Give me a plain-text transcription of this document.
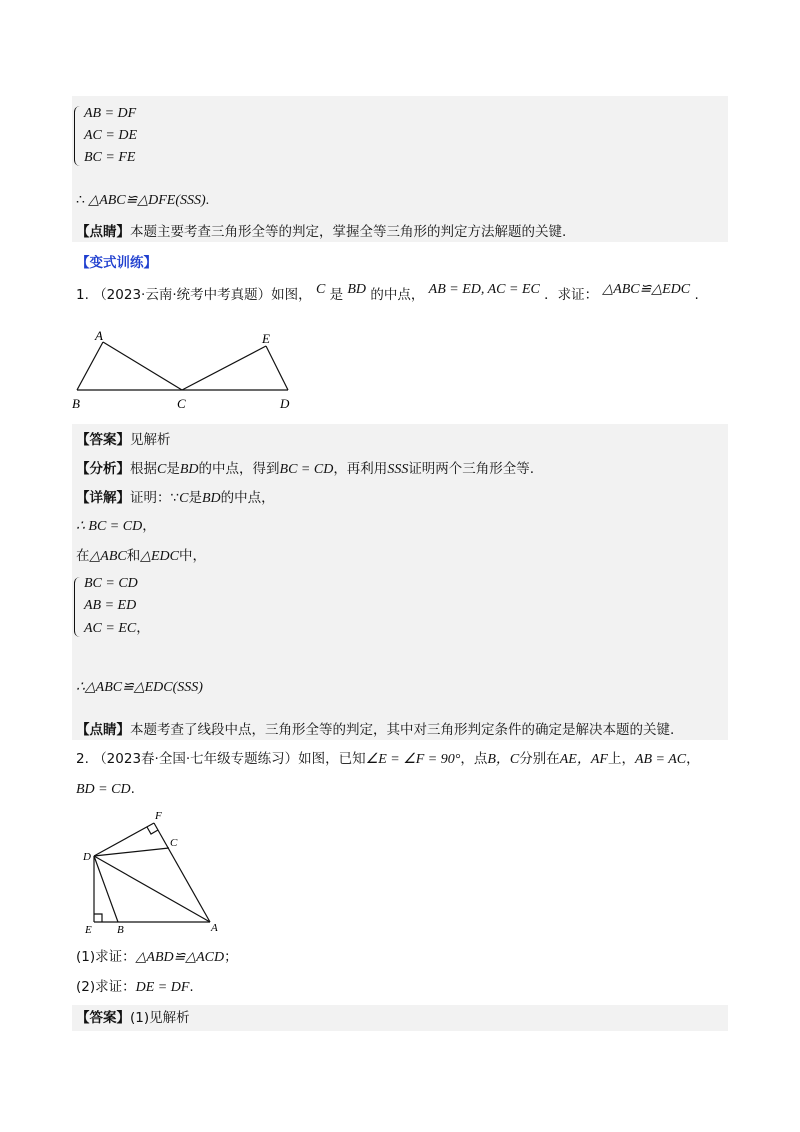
AB = DF
AC = DE
BC = FE
∴ △ABC≌△DFE(SSS).
【点睛】本题主要考查三角形全等的判定，掌握全等三角形的判定方法解题的关键.
【变式训练】
1. （2023·云南·统考中考真题）如图， C 是 BD 的中点， AB = ED, AC = EC ．求证： △ABC≌△EDC .
A	E
B	C	D
【答案】见解析
【分析】根据C是BD的中点，得到BC = CD，再利用SSS证明两个三角形全等.
【详解】证明：∵C是BD的中点，
∴ BC = CD，
在△ABC和△EDC中，
BC = CD
AB = ED
AC = EC，
∴△ABC≌△EDC(SSS)
【点睛】本题考查了线段中点，三角形全等的判定，其中对三角形判定条件的确定是解决本题的关键.
2. （2023春·全国·七年级专题练习）如图，已知∠E = ∠F = 90°，点B，C分别在AE，AF上，AB = AC，
BD = CD.
F
C
D
E B	A
(1)求证：△ABD≌△ACD；
(2)求证：DE = DF.
【答案】(1)见解析
